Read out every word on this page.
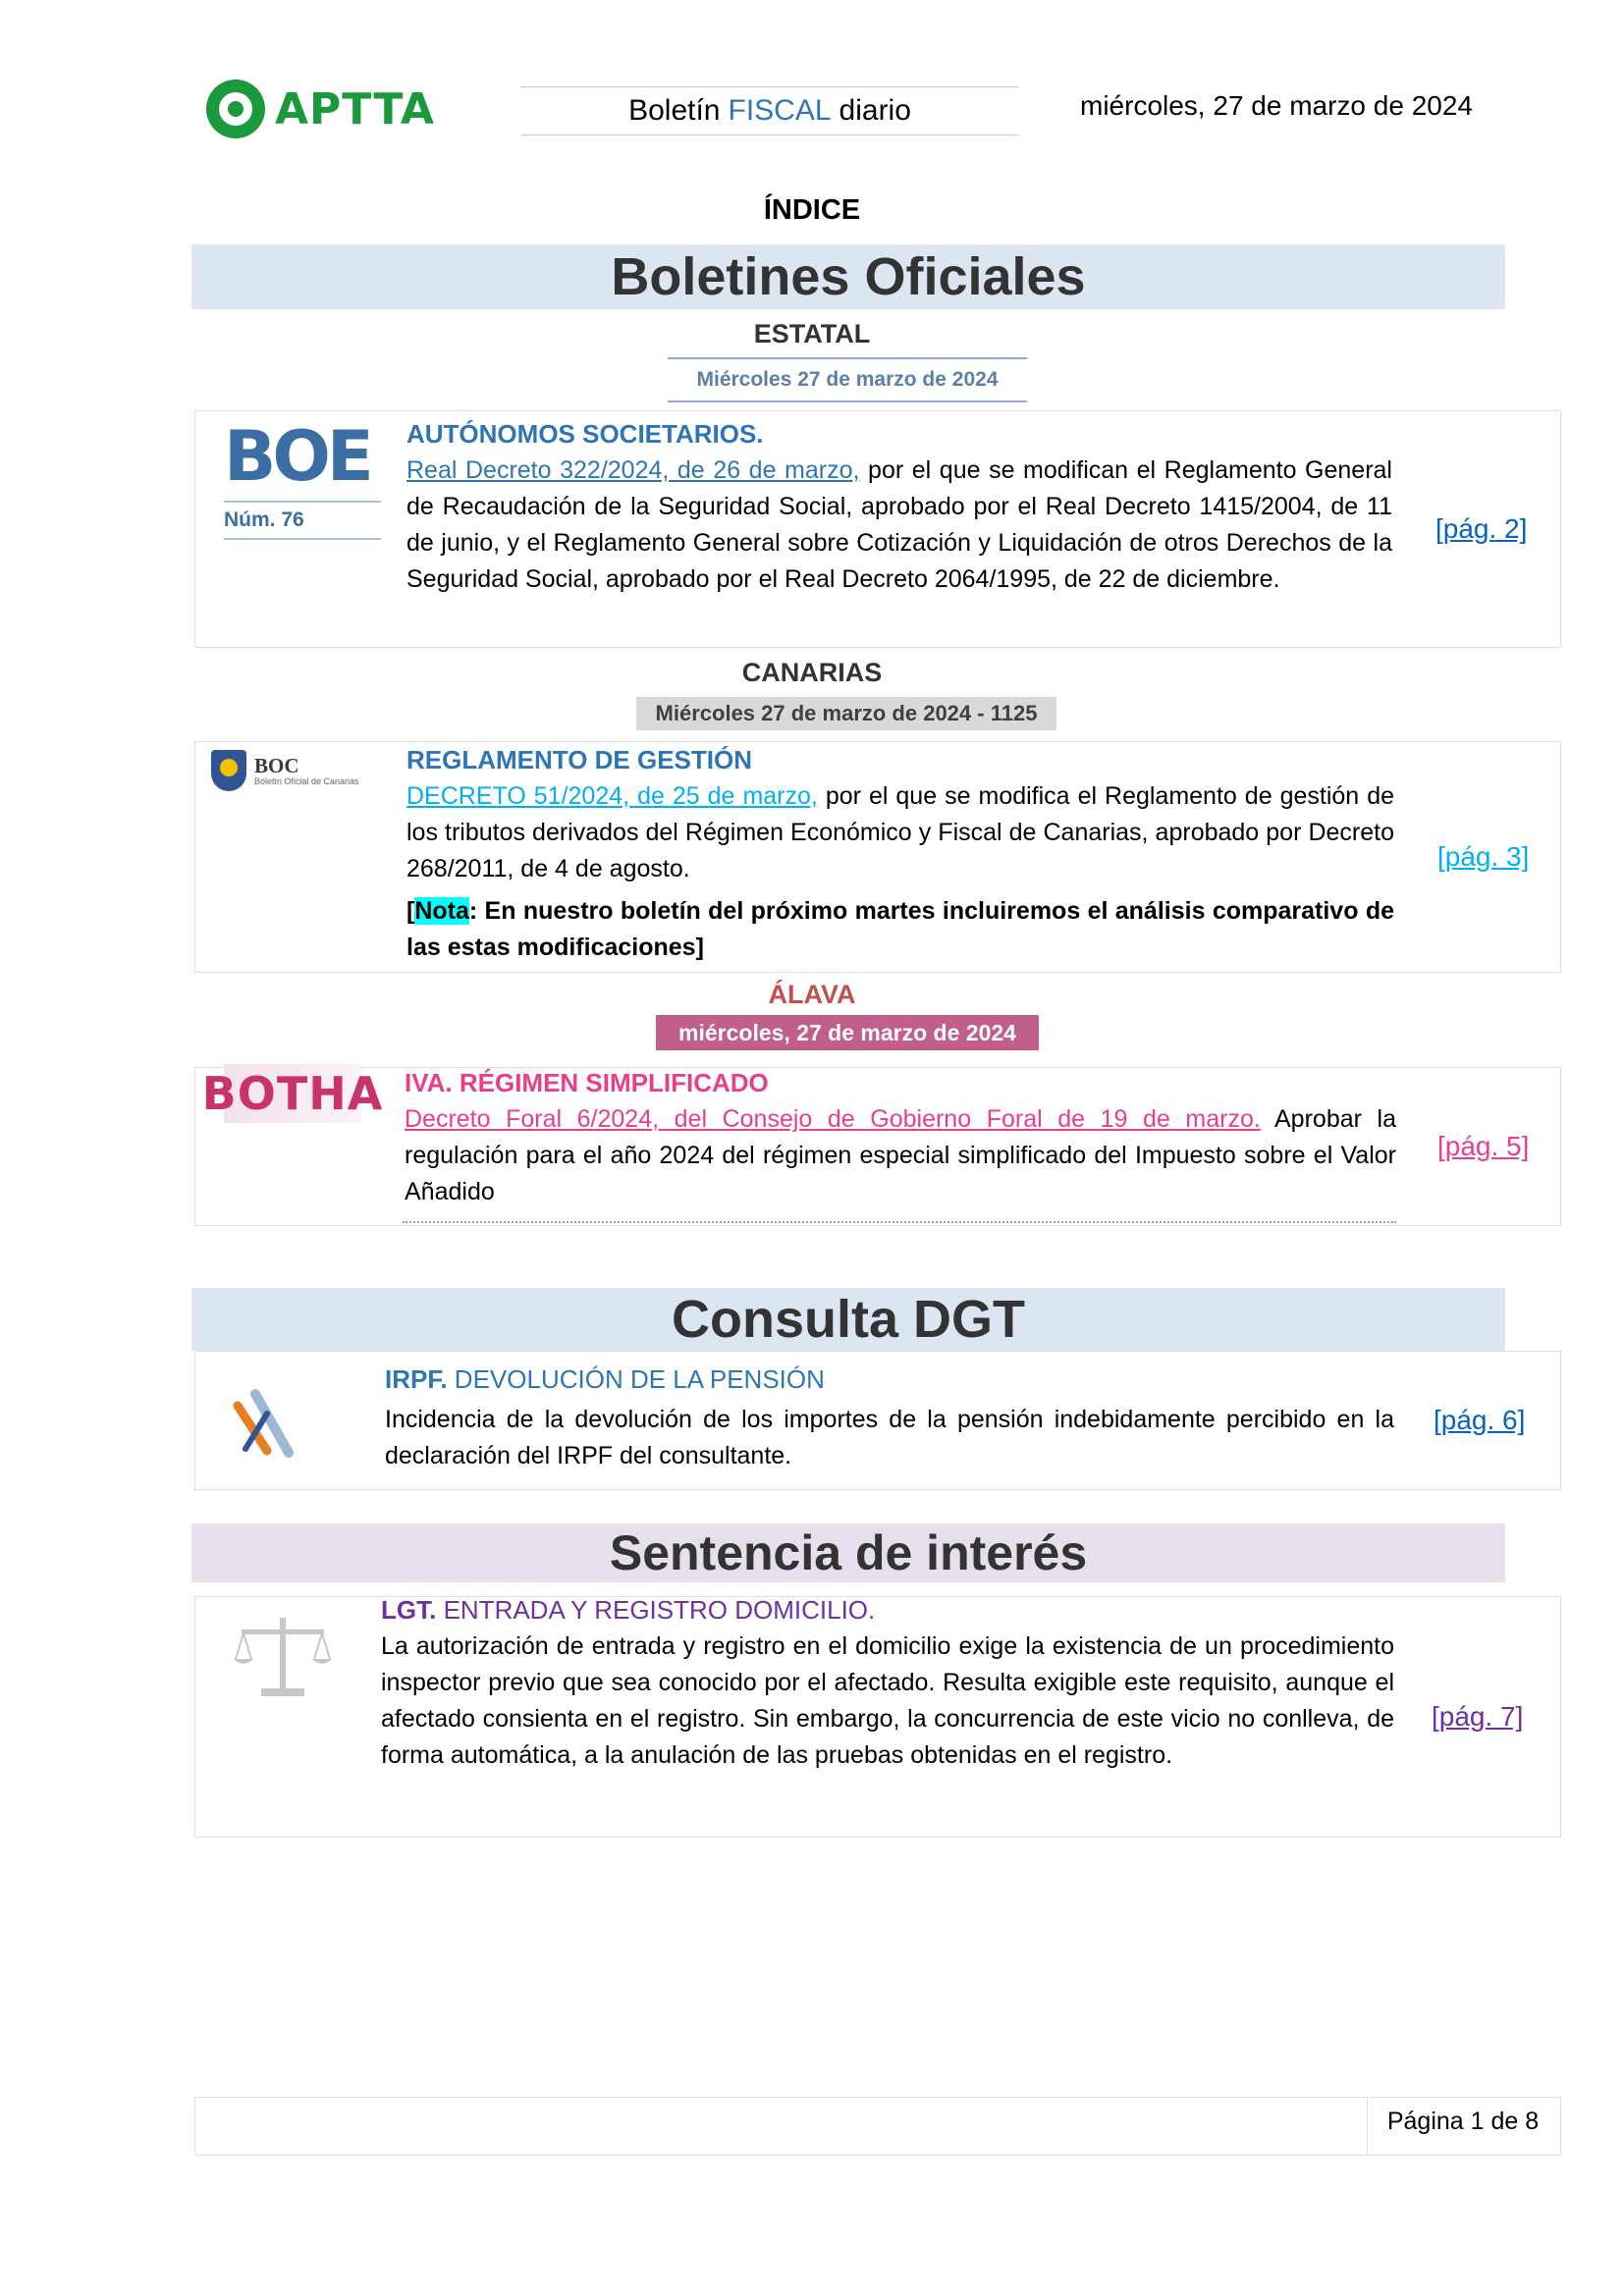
APTTA	Boletín FISCAL diario	miércoles, 27 de marzo de 2024
ÍNDICE
Boletines Oficiales
ESTATAL
Miércoles 27 de marzo de 2024
BOE
Núm. 76
AUTÓNOMOS SOCIETARIOS.
Real Decreto 322/2024, de 26 de marzo, por el que se modifican el Reglamento General de Recaudación de la Seguridad Social, aprobado por el Real Decreto 1415/2004, de 11 de junio, y el Reglamento General sobre Cotización y Liquidación de otros Derechos de la Seguridad Social, aprobado por el Real Decreto 2064/1995, de 22 de diciembre.
[pág. 2]
CANARIAS
Miércoles 27 de marzo de 2024 - 1125
BOC
Boletín Oficial de Canarias
REGLAMENTO DE GESTIÓN
DECRETO 51/2024, de 25 de marzo, por el que se modifica el Reglamento de gestión de los tributos derivados del Régimen Económico y Fiscal de Canarias, aprobado por Decreto 268/2011, de 4 de agosto.
[Nota: En nuestro boletín del próximo martes incluiremos el análisis comparativo de las estas modificaciones]
[pág. 3]
ÁLAVA
miércoles, 27 de marzo de 2024
BOTHA IVA. RÉGIMEN SIMPLIFICADO
Decreto Foral 6/2024, del Consejo de Gobierno Foral de 19 de marzo. Aprobar la regulación para el año 2024 del régimen especial simplificado del Impuesto sobre el Valor Añadido
[pág. 5]
Consulta DGT
IRPF. DEVOLUCIÓN DE LA PENSIÓN
Incidencia de la devolución de los importes de la pensión indebidamente percibido en la declaración del IRPF del consultante.
[pág. 6]
Sentencia de interés
LGT. ENTRADA Y REGISTRO DOMICILIO.
La autorización de entrada y registro en el domicilio exige la existencia de un procedimiento inspector previo que sea conocido por el afectado. Resulta exigible este requisito, aunque el afectado consienta en el registro. Sin embargo, la concurrencia de este vicio no conlleva, de forma automática, a la anulación de las pruebas obtenidas en el registro.
[pág. 7]
Página 1 de 8
